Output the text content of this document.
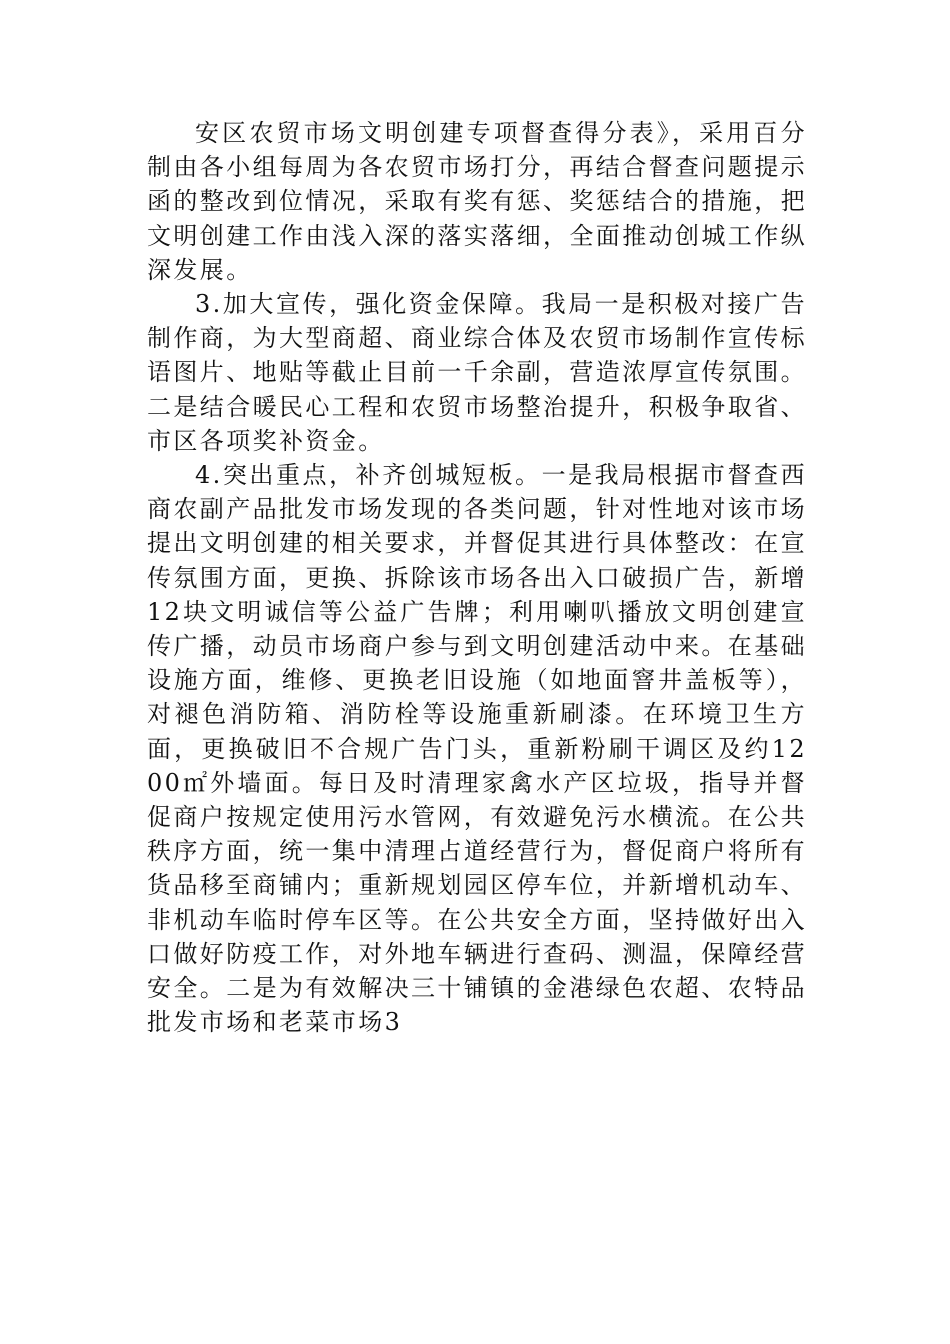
安区农贸市场文明创建专项督查得分表》，采用百分制由各小组每周为各农贸市场打分，再结合督查问题提示函的整改到位情况，采取有奖有惩、奖惩结合的措施，把文明创建工作由浅入深的落实落细，全面推动创城工作纵深发展。

3.加大宣传，强化资金保障。我局一是积极对接广告制作商，为大型商超、商业综合体及农贸市场制作宣传标语图片、地贴等截止目前一千余副，营造浓厚宣传氛围。二是结合暖民心工程和农贸市场整治提升，积极争取省、市区各项奖补资金。

4.突出重点，补齐创城短板。一是我局根据市督查西商农副产品批发市场发现的各类问题，针对性地对该市场提出文明创建的相关要求，并督促其进行具体整改：在宣传氛围方面，更换、拆除该市场各出入口破损广告，新增12块文明诚信等公益广告牌；利用喇叭播放文明创建宣传广播，动员市场商户参与到文明创建活动中来。在基础设施方面，维修、更换老旧设施（如地面窨井盖板等），对褪色消防箱、消防栓等设施重新刷漆。在环境卫生方面，更换破旧不合规广告门头，重新粉刷干调区及约1200㎡外墙面。每日及时清理家禽水产区垃圾，指导并督促商户按规定使用污水管网，有效避免污水横流。在公共秩序方面，统一集中清理占道经营行为，督促商户将所有货品移至商铺内；重新规划园区停车位，并新增机动车、非机动车临时停车区等。在公共安全方面，坚持做好出入口做好防疫工作，对外地车辆进行查码、测温，保障经营安全。二是为有效解决三十铺镇的金港绿色农超、农特品批发市场和老菜市场3
